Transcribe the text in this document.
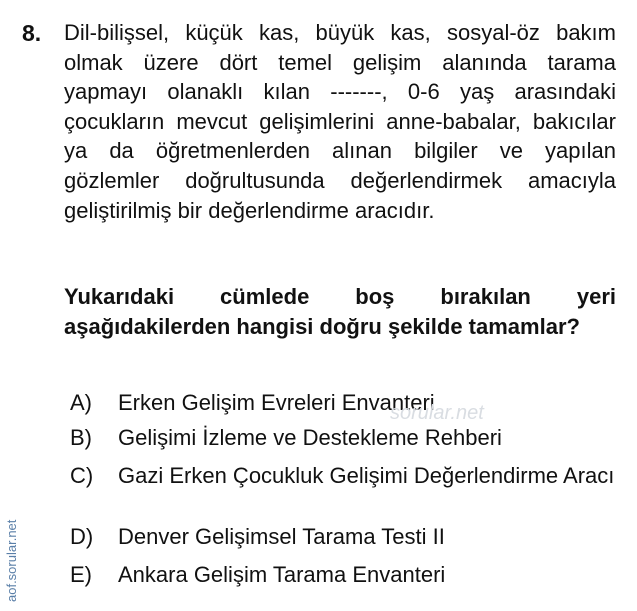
8. Dil-bilişsel, küçük kas, büyük kas, sosyal-öz bakım olmak üzere dört temel gelişim alanında tarama yapmayı olanaklı kılan -------, 0-6 yaş arasındaki çocukların mevcut gelişimlerini anne-babalar, bakıcılar ya da öğretmenlerden alınan bilgiler ve yapılan gözlemler doğrultusunda değerlendirmek amacıyla geliştirilmiş bir değerlendirme aracıdır.

Yukarıdaki cümlede boş bırakılan yeri aşağıdakilerden hangisi doğru şekilde tamamlar?

A) Erken Gelişim Evreleri Envanteri
B) Gelişimi İzleme ve Destekleme Rehberi
C) Gazi Erken Çocukluk Gelişimi Değerlendirme Aracı
D) Denver Gelişimsel Tarama Testi II
E) Ankara Gelişim Tarama Envanteri
aof.sorular.net
sorular.net
